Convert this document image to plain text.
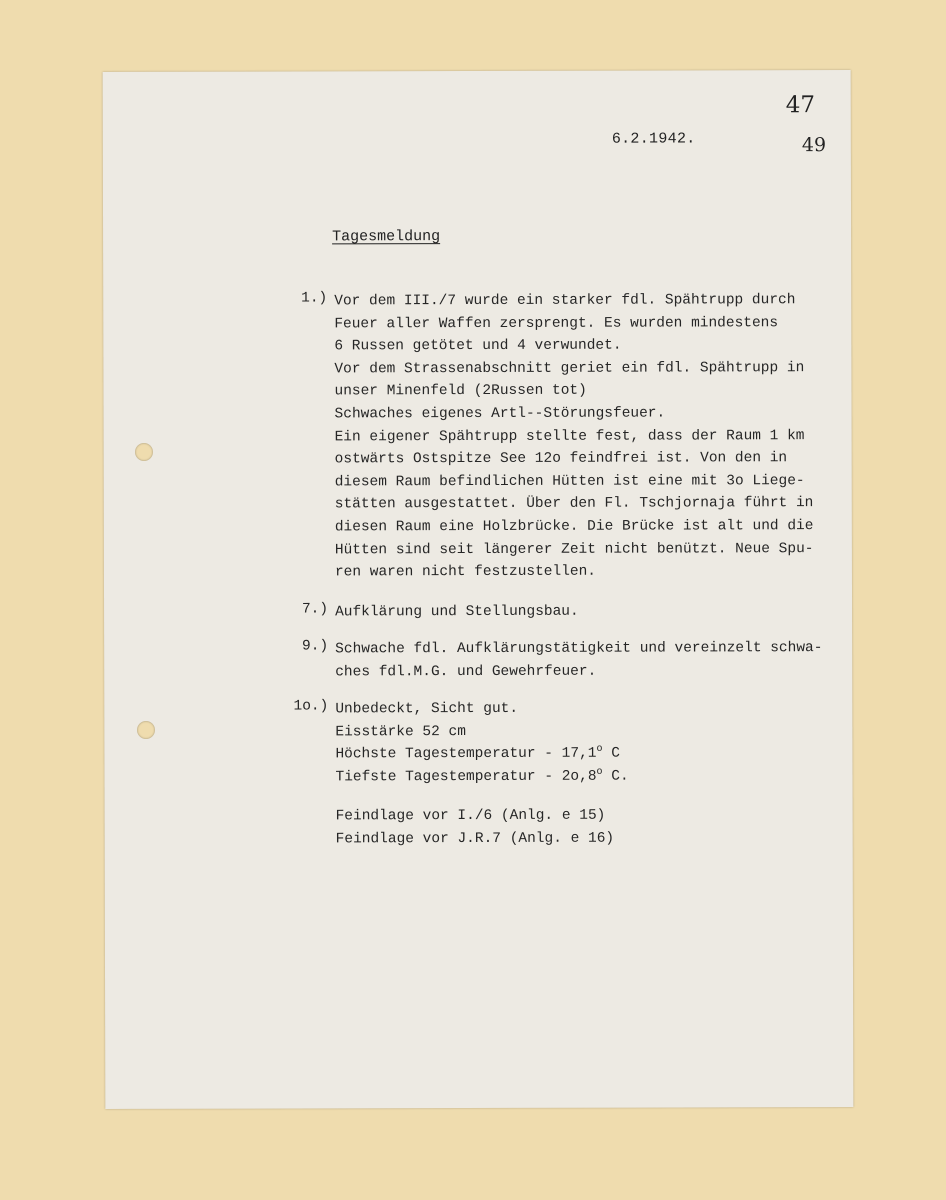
47
49
6.2.1942.
Tagesmeldung
1.) Vor dem III./7 wurde ein starker fdl. Spähtrupp durch
Feuer aller Waffen zersprengt. Es wurden mindestens
6 Russen getötet und 4 verwundet.
Vor dem Strassenabschnitt geriet ein fdl. Spähtrupp in
unser Minenfeld (2Russen tot)
Schwaches eigenes Artl--Störungsfeuer.
Ein eigener Spähtrupp stellte fest, dass der Raum 1 km
ostwärts Ostspitze See 12o feindfrei ist. Von den in
diesem Raum befindlichen Hütten ist eine mit 3o Liege-
stätten ausgestattet. Über den Fl. Tschjornaja führt in
diesen Raum eine Holzbrücke. Die Brücke ist alt und die
Hütten sind seit längerer Zeit nicht benützt. Neue Spu-
ren waren nicht festzustellen.
7.) Aufklärung und Stellungsbau.
9.) Schwache fdl. Aufklärungstätigkeit und vereinzelt schwa-
ches fdl.M.G. und Gewehrfeuer.
1o.) Unbedeckt, Sicht gut.
Eisstärke 52 cm
Höchste Tagestemperatur - 17,1$^o$ C
Tiefste Tagestemperatur - 2o,8$^o$ C.
Feindlage vor I./6 (Anlg. e 15)
Feindlage vor J.R.7 (Anlg. e 16)
